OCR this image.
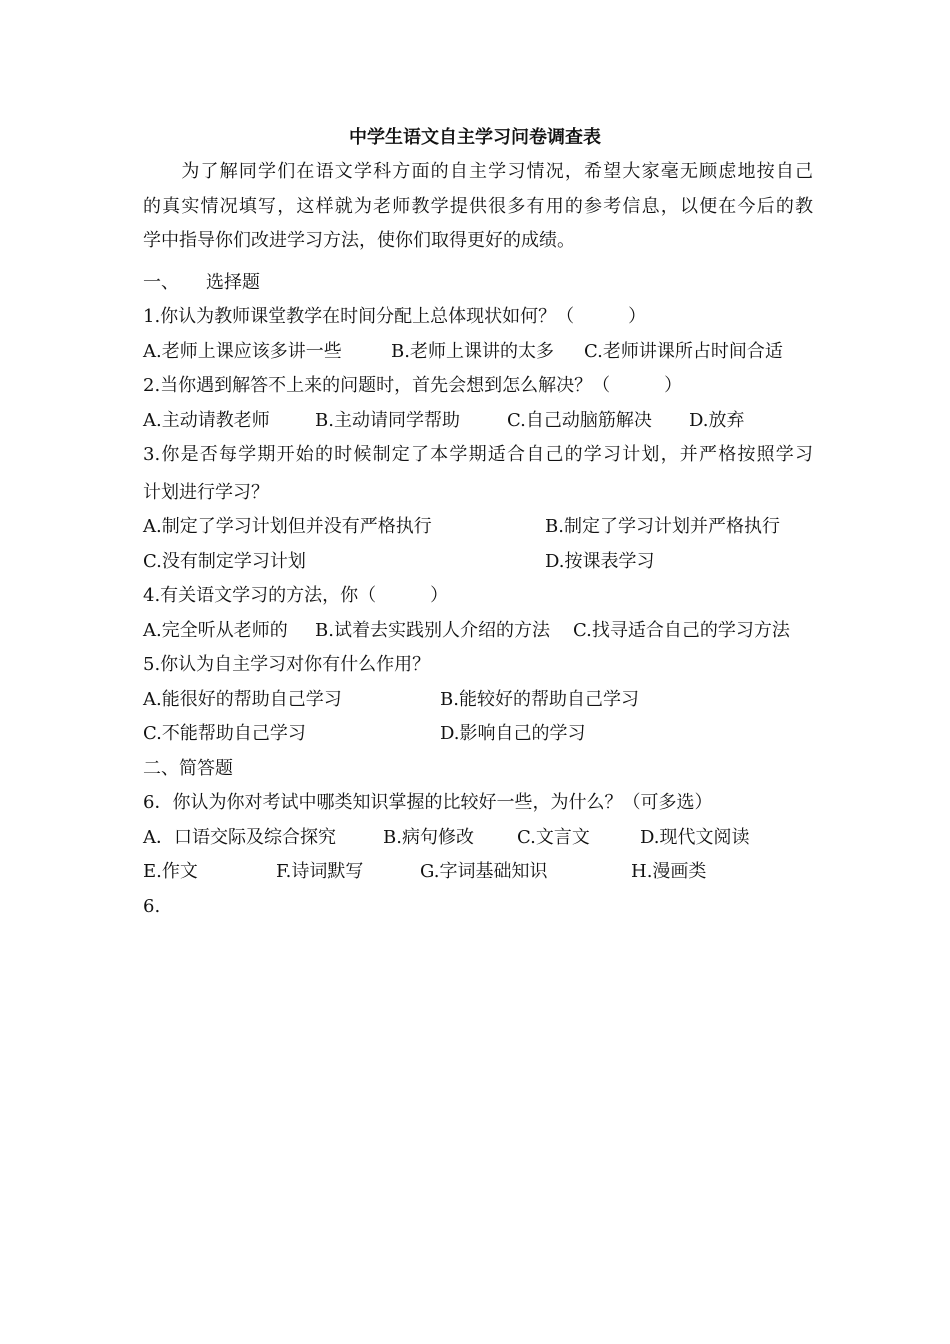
中学生语文自主学习问卷调查表
　　为了解同学们在语文学科方面的自主学习情况，希望大家毫无顾虑地按自己
的真实情况填写，这样就为老师教学提供很多有用的参考信息，以便在今后的教
学中指导你们改进学习方法，使你们取得更好的成绩。
一、　　选择题
1.你认为教师课堂教学在时间分配上总体现状如何？（　　　）
A.老师上课应该多讲一些	B.老师上课讲的太多 C.老师讲课所占时间合适
2.当你遇到解答不上来的问题时，首先会想到怎么解决？（　　　）
A.主动请教老师	B.主动请同学帮助	C.自己动脑筋解决 D.放弃
3.你是否每学期开始的时候制定了本学期适合自己的学习计划，并严格按照学习
计划进行学习？
A.制定了学习计划但并没有严格执行	B.制定了学习计划并严格执行
C.没有制定学习计划	D.按课表学习
4.有关语文学习的方法，你（　　　）
A.完全听从老师的 B.试着去实践别人介绍的方法 C.找寻适合自己的学习方法
5.你认为自主学习对你有什么作用？
A.能很好的帮助自己学习	B.能较好的帮助自己学习
C.不能帮助自己学习	D.影响自己的学习
二、简答题
6．你认为你对考试中哪类知识掌握的比较好一些，为什么？（可多选）
A．口语交际及综合探究	B.病句修改 C.文言文	D.现代文阅读
E.作文	F.诗词默写	G.字词基础知识	H.漫画类
6.
